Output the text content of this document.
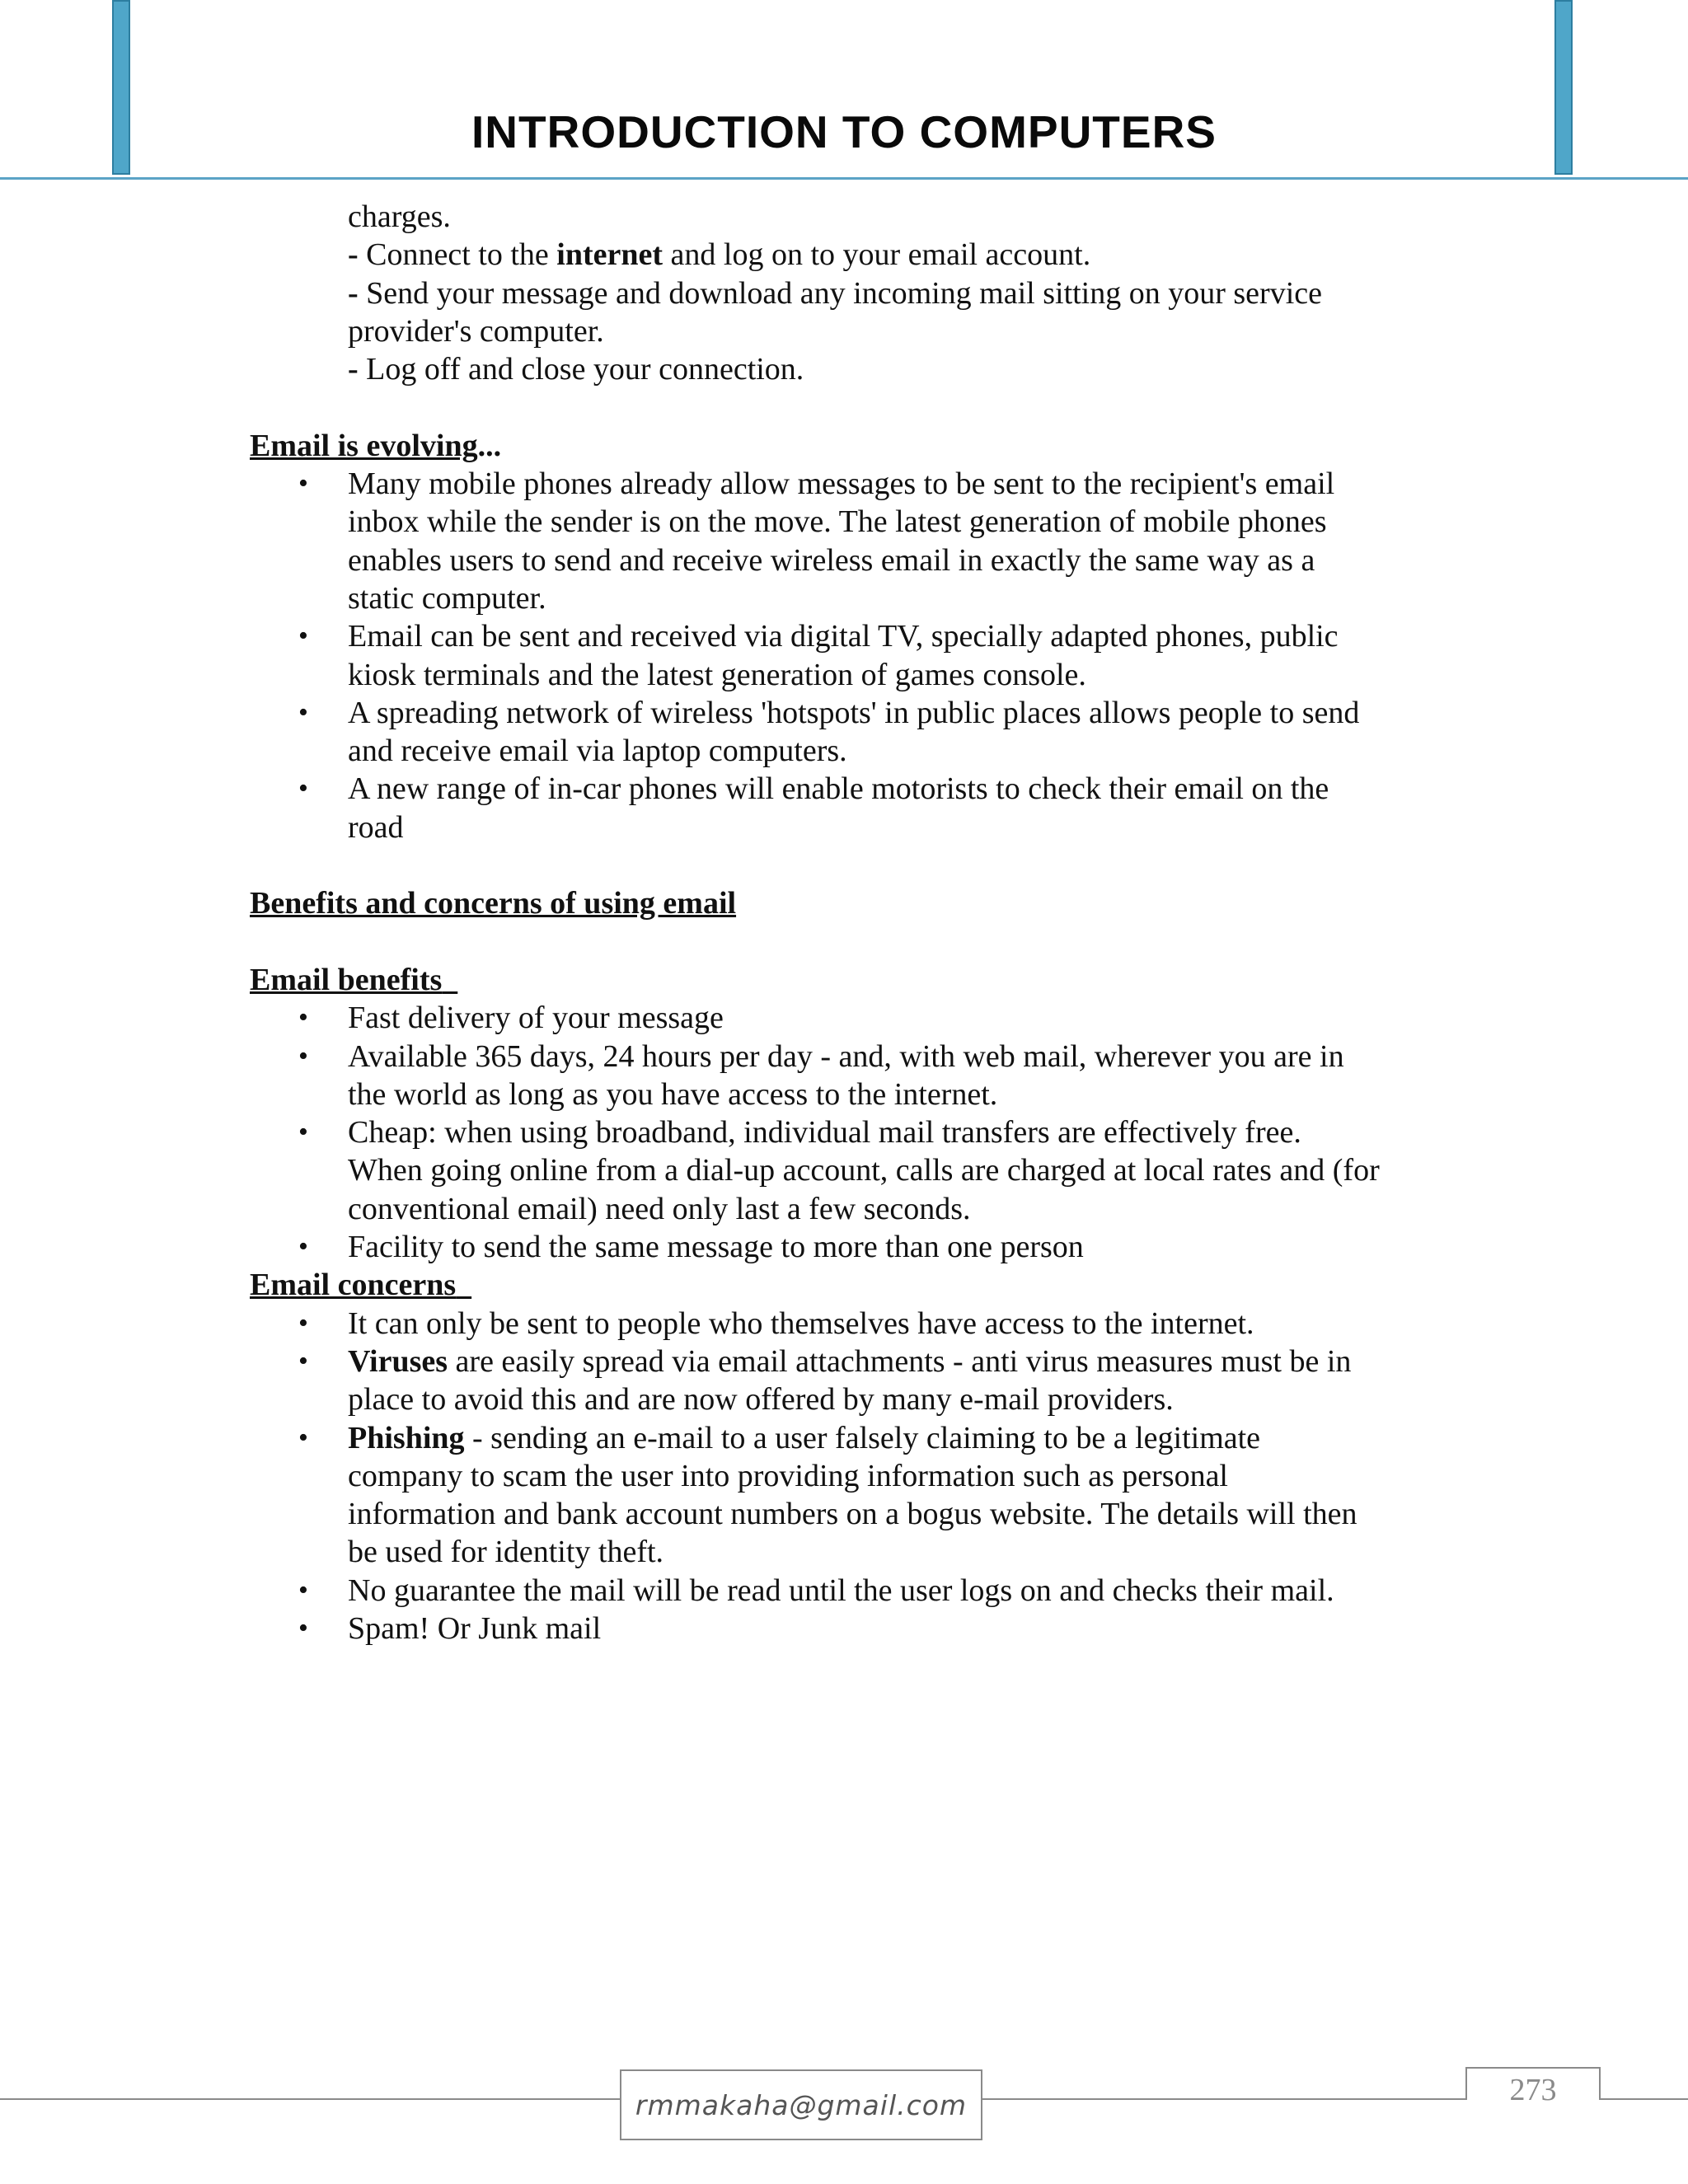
INTRODUCTION TO COMPUTERS
charges.
- Connect to the internet and log on to your email account.
- Send your message and download any incoming mail sitting on your service
provider's computer.
- Log off and close your connection.
Email is evolving...
• Many mobile phones already allow messages to be sent to the recipient's email
inbox while the sender is on the move. The latest generation of mobile phones
enables users to send and receive wireless email in exactly the same way as a
static computer.
• Email can be sent and received via digital TV, specially adapted phones, public
kiosk terminals and the latest generation of games console.
• A spreading network of wireless 'hotspots' in public places allows people to send
and receive email via laptop computers.
• A new range of in-car phones will enable motorists to check their email on the
road
Benefits and concerns of using email
Email benefits
• Fast delivery of your message
• Available 365 days, 24 hours per day - and, with web mail, wherever you are in
the world as long as you have access to the internet.
• Cheap: when using broadband, individual mail transfers are effectively free.
When going online from a dial-up account, calls are charged at local rates and (for
conventional email) need only last a few seconds.
• Facility to send the same message to more than one person
Email concerns
• It can only be sent to people who themselves have access to the internet.
• Viruses are easily spread via email attachments - anti virus measures must be in
place to avoid this and are now offered by many e-mail providers.
• Phishing - sending an e-mail to a user falsely claiming to be a legitimate
company to scam the user into providing information such as personal
information and bank account numbers on a bogus website. The details will then
be used for identity theft.
• No guarantee the mail will be read until the user logs on and checks their mail.
• Spam! Or Junk mail
rmmakaha@gmail.com	273
